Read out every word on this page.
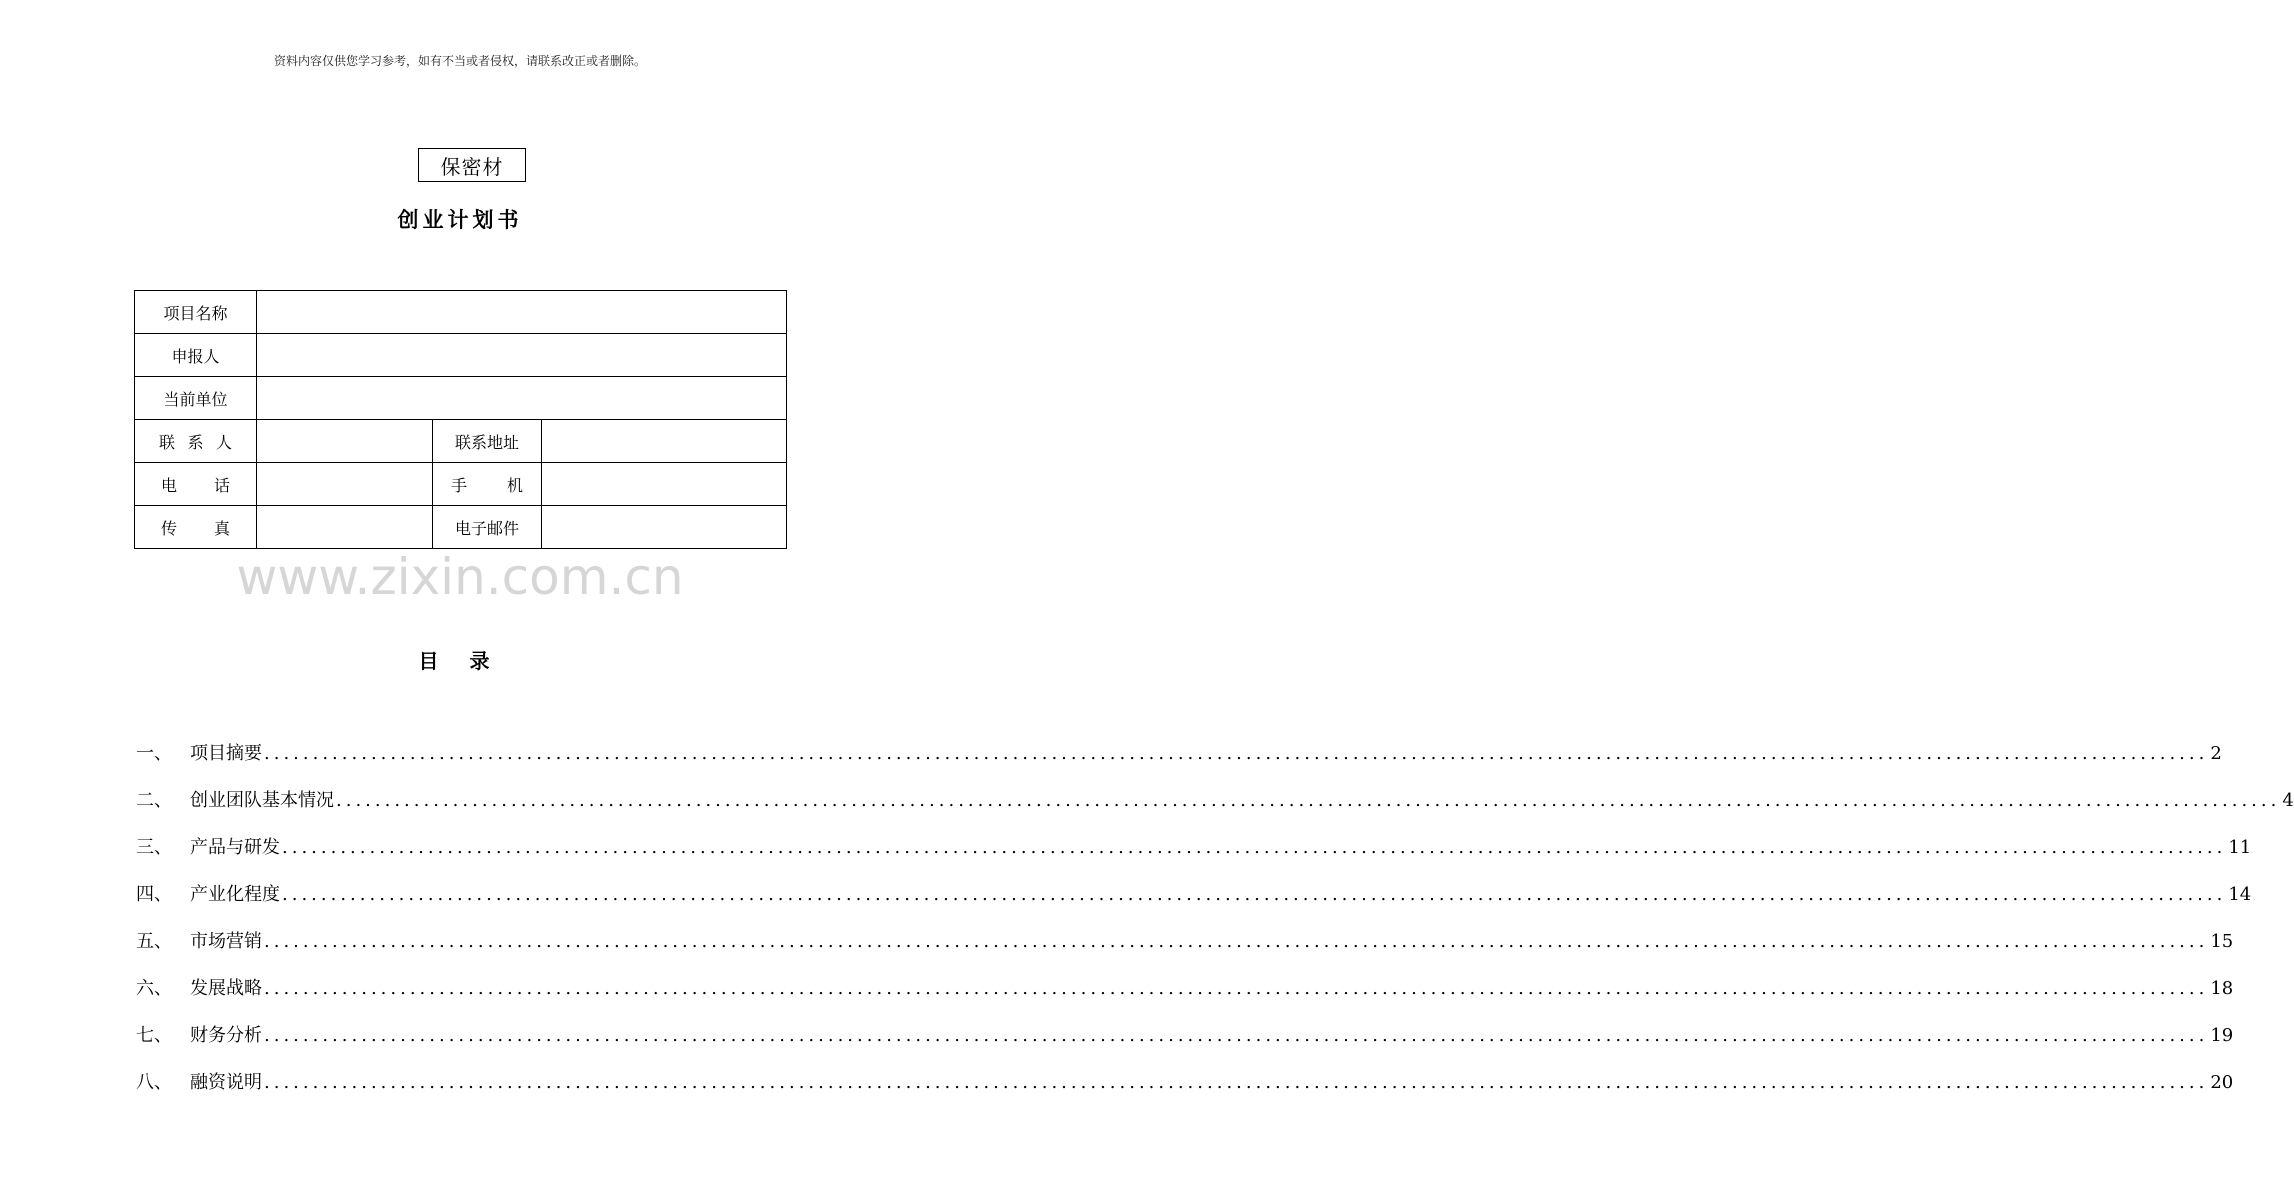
资料内容仅供您学习参考，如有不当或者侵权，请联系改正或者删除。
保密材
创业计划书
项目名称			
申报人			
当前单位			

联 系 人		联系地址	

电 话		手 机	

传 真		电子邮件	
www.zixin.com.cn
目 录
一、	项目摘要 ........................................................................................................................................................................................................ 2
二、	创业团队基本情况 ........................................................................................................................................................................................................ 4
三、	产品与研发 ........................................................................................................................................................................................................ 11
四、	产业化程度 ........................................................................................................................................................................................................ 14
五、	市场营销 ........................................................................................................................................................................................................ 15
六、	发展战略 ........................................................................................................................................................................................................ 18
七、	财务分析 ........................................................................................................................................................................................................ 19
八、	融资说明 ........................................................................................................................................................................................................ 20
